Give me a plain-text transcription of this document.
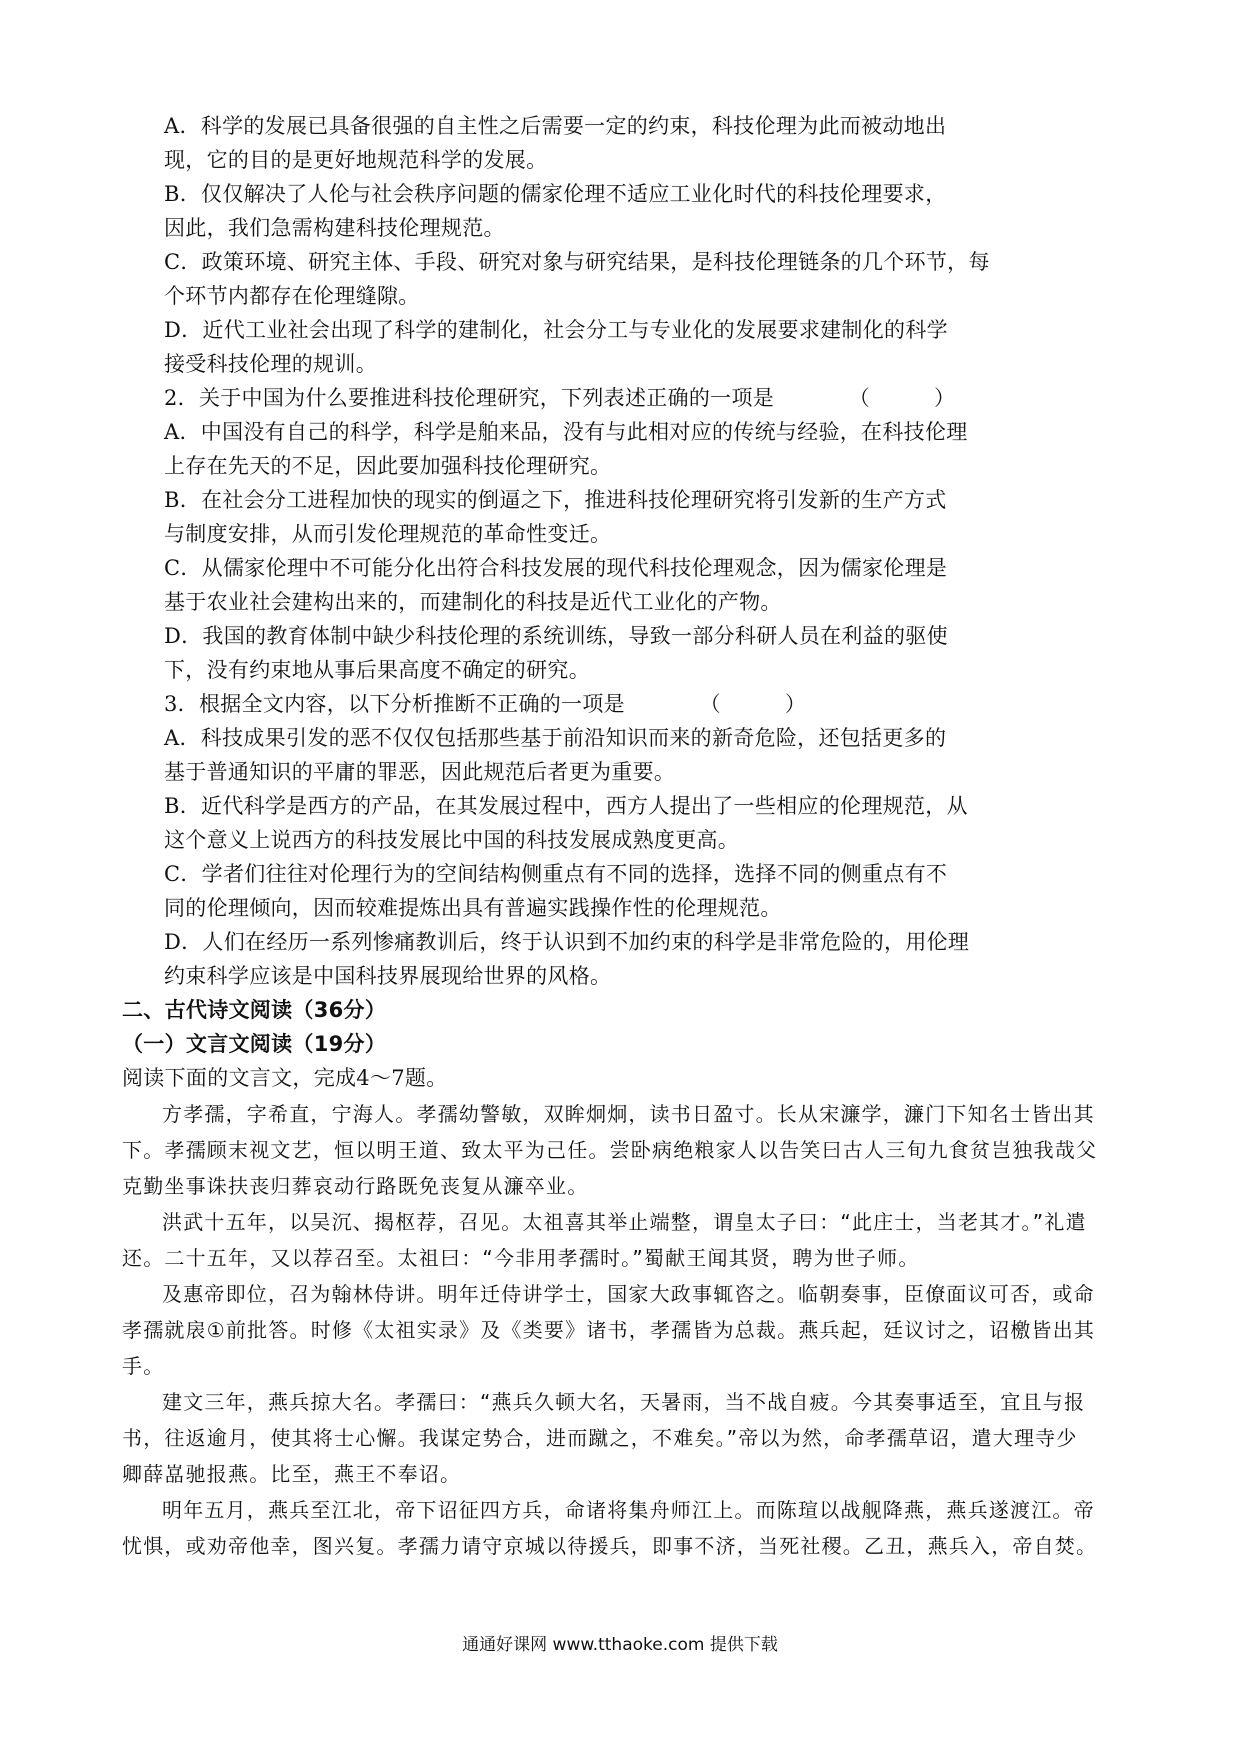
A．科学的发展已具备很强的自主性之后需要一定的约束，科技伦理为此而被动地出
现，它的目的是更好地规范科学的发展。
B．仅仅解决了人伦与社会秩序问题的儒家伦理不适应工业化时代的科技伦理要求，
因此，我们急需构建科技伦理规范。
C．政策环境、研究主体、手段、研究对象与研究结果，是科技伦理链条的几个环节，每
个环节内都存在伦理缝隙。
D．近代工业社会出现了科学的建制化，社会分工与专业化的发展要求建制化的科学
接受科技伦理的规训。
2．关于中国为什么要推进科技伦理研究，下列表述正确的一项是　　　　（　　　）
A．中国没有自己的科学，科学是舶来品，没有与此相对应的传统与经验，在科技伦理
上存在先天的不足，因此要加强科技伦理研究。
B．在社会分工进程加快的现实的倒逼之下，推进科技伦理研究将引发新的生产方式
与制度安排，从而引发伦理规范的革命性变迁。
C．从儒家伦理中不可能分化出符合科技发展的现代科技伦理观念，因为儒家伦理是
基于农业社会建构出来的，而建制化的科技是近代工业化的产物。
D．我国的教育体制中缺少科技伦理的系统训练，导致一部分科研人员在利益的驱使
下，没有约束地从事后果高度不确定的研究。
3．根据全文内容，以下分析推断不正确的一项是　　　　（　　　）
A．科技成果引发的恶不仅仅包括那些基于前沿知识而来的新奇危险，还包括更多的
基于普通知识的平庸的罪恶，因此规范后者更为重要。
B．近代科学是西方的产品，在其发展过程中，西方人提出了一些相应的伦理规范，从
这个意义上说西方的科技发展比中国的科技发展成熟度更高。
C．学者们往往对伦理行为的空间结构侧重点有不同的选择，选择不同的侧重点有不
同的伦理倾向，因而较难提炼出具有普遍实践操作性的伦理规范。
D．人们在经历一系列惨痛教训后，终于认识到不加约束的科学是非常危险的，用伦理
约束科学应该是中国科技界展现给世界的风格。
二、古代诗文阅读（36分）
（一）文言文阅读（19分）
阅读下面的文言文，完成4～7题。
方孝孺，字希直，宁海人。孝孺幼警敏，双眸炯炯，读书日盈寸。长从宋濂学，濂门下知名士皆出其
下。孝孺顾末视文艺，恒以明王道、致太平为己任。尝卧病绝粮家人以告笑曰古人三旬九食贫岂独我哉父
克勤坐事诛扶丧归葬哀动行路既免丧复从濂卒业。
洪武十五年，以吴沉、揭枢荐，召见。太祖喜其举止端整，谓皇太子曰：“此庄士，当老其才。”礼遣
还。二十五年，又以荐召至。太祖曰：“今非用孝孺时。”蜀献王闻其贤，聘为世子师。
及惠帝即位，召为翰林侍讲。明年迁侍讲学士，国家大政事辄咨之。临朝奏事，臣僚面议可否，或命
孝孺就扆①前批答。时修《太祖实录》及《类要》诸书，孝孺皆为总裁。燕兵起，廷议讨之，诏檄皆出其
手。
建文三年，燕兵掠大名。孝孺曰：“燕兵久顿大名，天暑雨，当不战自疲。今其奏事适至，宜且与报
书，往返逾月，使其将士心懈。我谋定势合，进而蹴之，不难矣。”帝以为然，命孝孺草诏，遣大理寺少
卿薛嵓驰报燕。比至，燕王不奉诏。
明年五月，燕兵至江北，帝下诏征四方兵，命诸将集舟师江上。而陈瑄以战舰降燕，燕兵遂渡江。帝
忧惧，或劝帝他幸，图兴复。孝孺力请守京城以待援兵，即事不济，当死社稷。乙丑，燕兵入，帝自焚。
通通好课网 www.tthaoke.com 提供下载
